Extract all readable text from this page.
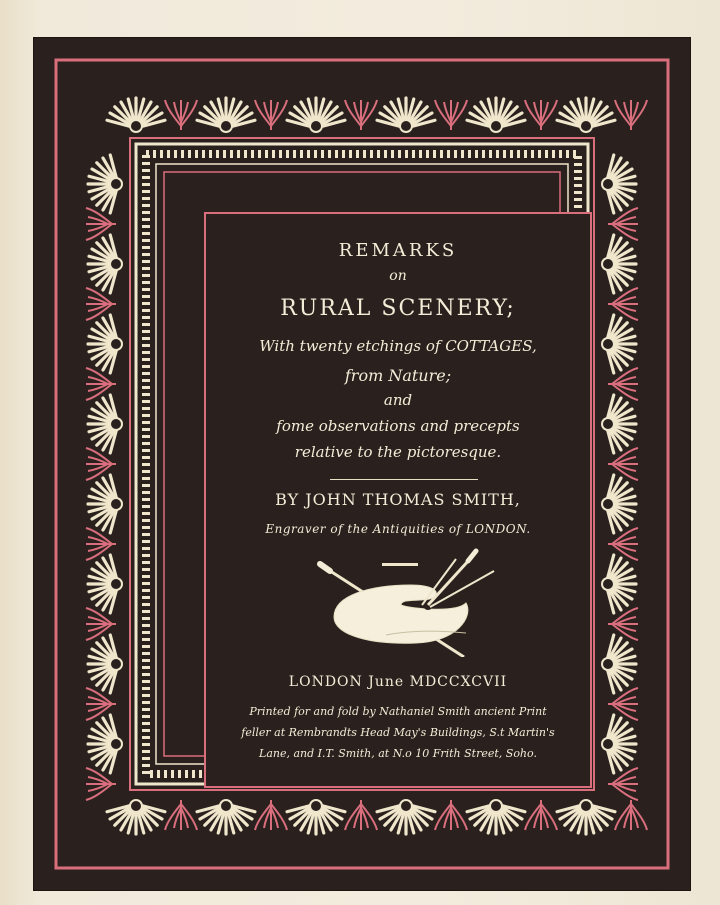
REMARKS
on
RURAL SCENERY;
With twenty etchings of COTTAGES,
from Nature;
and
fome observations and precepts
relative to the pictoresque.
BY JOHN THOMAS SMITH,
Engraver of the Antiquities of LONDON.
LONDON June MDCCXCVII
Printed for and fold by Nathaniel Smith ancient Print
feller at Rembrandts Head May's Buildings, S.t Martin's
Lane, and I.T. Smith, at N.o 10 Frith Street, Soho.
